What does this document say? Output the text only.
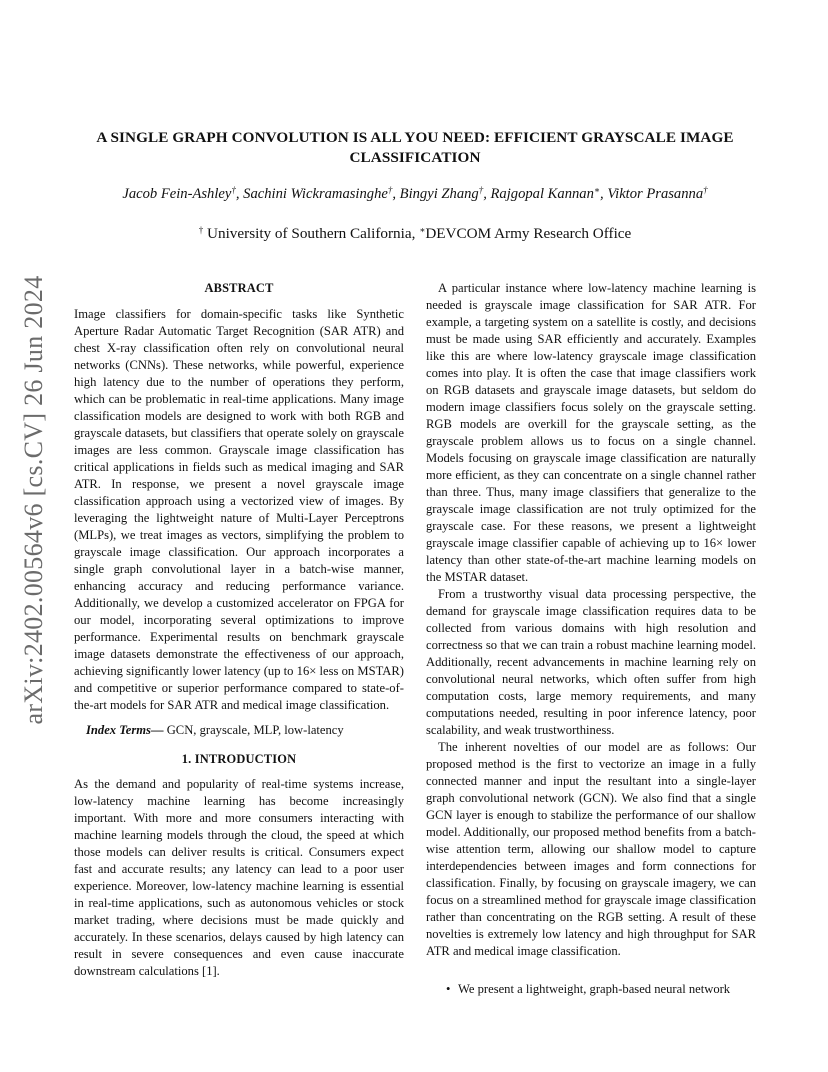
arXiv:2402.00564v6 [cs.CV] 26 Jun 2024
A SINGLE GRAPH CONVOLUTION IS ALL YOU NEED: EFFICIENT GRAYSCALE IMAGE CLASSIFICATION
Jacob Fein-Ashley†, Sachini Wickramasinghe†, Bingyi Zhang†, Rajgopal Kannan∗, Viktor Prasanna†
† University of Southern California, ∗DEVCOM Army Research Office
ABSTRACT

Image classifiers for domain-specific tasks like Synthetic Aperture Radar Automatic Target Recognition (SAR ATR) and chest X-ray classification often rely on convolutional neural networks (CNNs). These networks, while powerful, experience high latency due to the number of operations they perform, which can be problematic in real-time applications. Many image classification models are designed to work with both RGB and grayscale datasets, but classifiers that operate solely on grayscale images are less common. Grayscale image classification has critical applications in fields such as medical imaging and SAR ATR. In response, we present a novel grayscale image classification approach using a vectorized view of images. By leveraging the lightweight nature of Multi-Layer Perceptrons (MLPs), we treat images as vectors, simplifying the problem to grayscale image classification. Our approach incorporates a single graph convolutional layer in a batch-wise manner, enhancing accuracy and reducing performance variance. Additionally, we develop a customized accelerator on FPGA for our model, incorporating several optimizations to improve performance. Experimental results on benchmark grayscale image datasets demonstrate the effectiveness of our approach, achieving significantly lower latency (up to 16× less on MSTAR) and competitive or superior performance compared to state-of-the-art models for SAR ATR and medical image classification.

Index Terms— GCN, grayscale, MLP, low-latency

1. INTRODUCTION

As the demand and popularity of real-time systems increase, low-latency machine learning has become increasingly important. With more and more consumers interacting with machine learning models through the cloud, the speed at which those models can deliver results is critical. Consumers expect fast and accurate results; any latency can lead to a poor user experience. Moreover, low-latency machine learning is essential in real-time applications, such as autonomous vehicles or stock market trading, where decisions must be made quickly and accurately. In these scenarios, delays caused by high latency can result in severe consequences and even cause inaccurate downstream calculations [1].

A particular instance where low-latency machine learning is needed is grayscale image classification for SAR ATR. For example, a targeting system on a satellite is costly, and decisions must be made using SAR efficiently and accurately. Examples like this are where low-latency grayscale image classification comes into play. It is often the case that image classifiers work on RGB datasets and grayscale image datasets, but seldom do modern image classifiers focus solely on the grayscale setting. RGB models are overkill for the grayscale setting, as the grayscale problem allows us to focus on a single channel. Models focusing on grayscale image classification are naturally more efficient, as they can concentrate on a single channel rather than three. Thus, many image classifiers that generalize to the grayscale image classification are not truly optimized for the grayscale case. For these reasons, we present a lightweight grayscale image classifier capable of achieving up to 16× lower latency than other state-of-the-art machine learning models on the MSTAR dataset.

From a trustworthy visual data processing perspective, the demand for grayscale image classification requires data to be collected from various domains with high resolution and correctness so that we can train a robust machine learning model. Additionally, recent advancements in machine learning rely on convolutional neural networks, which often suffer from high computation costs, large memory requirements, and many computations needed, resulting in poor inference latency, poor scalability, and weak trustworthiness.

The inherent novelties of our model are as follows: Our proposed method is the first to vectorize an image in a fully connected manner and input the resultant into a single-layer graph convolutional network (GCN). We also find that a single GCN layer is enough to stabilize the performance of our shallow model. Additionally, our proposed method benefits from a batch-wise attention term, allowing our shallow model to capture interdependencies between images and form connections for classification. Finally, by focusing on grayscale imagery, we can focus on a streamlined method for grayscale image classification rather than concentrating on the RGB setting. A result of these novelties is extremely low latency and high throughput for SAR ATR and medical image classification.

• We present a lightweight, graph-based neural network
